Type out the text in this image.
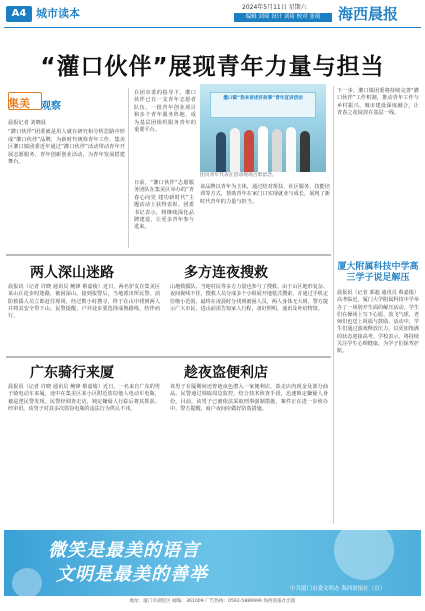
A4 城市读本	2024年5月11日 星期六
编辑 刘琦 设计 刘琦 校对 张萌	海西晨报
“灌口伙伴”展现青年力量与担当
集美 观察

晨报记者 刘晓晨

“灌口伙伴”团委就是用人就在研究和分析思路中形成“灌口伙伴”品牌，为新时代统筹青年工作，集美区灌口镇团委近年通过“灌口伙伴”活动带动青年开展志愿服务、青年创新创业活动，为青年发展搭建舞台。

在团市委的指导下，灌口伙伴已有一支青年志愿者队伍、一批青年创业项目和多个青年服务阵地，成为基层团组织服务青年的重要平台。

日前，“灌口伙伴”志愿服务团队在集美区举办的“青春心向党 建功新时代”主题活动上获得表彰。团委书记表示，将继续深化品牌建设，让更多青年参与进来。

该品牌以青年为主体，通过结对帮扶、社区服务、技能培训等方式，帮助青年在家门口实现就业与成长，展现了新时代青年的力量与担当。

下一步，灌口镇团委将持续完善“灌口伙伴”工作机制，推动青年工作与乡村振兴、城市建设深度融合，让青春之花绽放在基层一线。

灌口镇“我来讲述好故事”青年宣讲活动
团员青年代表在活动现场合影留念。
两人深山迷路
晨报讯（记者 许晓 通讯员 鲍锋 蔡嘉俊）近日，两名驴友在集美区某山区徒步时迷路，被困深山。接到报警后，当地派出所民警、消防救援人员立即赶往现场，经过数小时搜寻，终于在山中找到两人并将其安全带下山。民警提醒，户外徒步要选择成熟路线，结伴而行。
多方连夜搜救
山地救援队、当地村民等多方力量也参与了搜救。由于山区地形复杂、夜间视线不佳，搜救人员分成多个小组展开地毯式搜索，并通过手机定位缩小范围。最终在凌晨时分找到被困人员，两人身体无大碍。警方提示广大市民，进山前需告知家人行程，备好照明、通讯及补给物资。
广东骑行来厦
晨报讯（记者 许晓 通讯员 鲍锋 蔡嘉俊）近日，一名来自广东的男子骑电动车来厦，途中在集美区某小区附近盗窃他人电动车电瓶，被巡逻民警发现。民警经调查走访，锁定嫌疑人行踪后将其抓获。经审讯，该男子对其多次盗窃电瓶的违法行为供认不讳。
趁夜盗便利店
该男子在厦期间还曾趁夜色潜入一家便利店，盗走店内现金及部分商品。民警通过调取周边监控，结合技术侦查手段，迅速锁定嫌疑人身份。目前，该男子已被依法采取刑事强制措施，案件正在进一步侦办中。警方提醒，商户夜间应做好防盗措施。
厦大附属科技中学高三学子说足解压
晨报讯（记者 郭超 通讯员 蔡嘉俊）高考临近，厦门大学附属科技中学举办了一场别开生面的解压活动。学生们在操场上写下心愿、放飞气球，老师们也送上祝福与鼓励。活动中，学生们通过游戏释放压力，以更加饱满的状态迎接高考。学校表示，将持续关注学生心理健康，为学子们保驾护航。
微笑是最美的语言
文明是最美的善举
中共厦门市委文明办 海西晨报社（宣）
地址：厦门市湖里区 邮编：361009 广告热线：0592-5889999 海西晨报社出版
